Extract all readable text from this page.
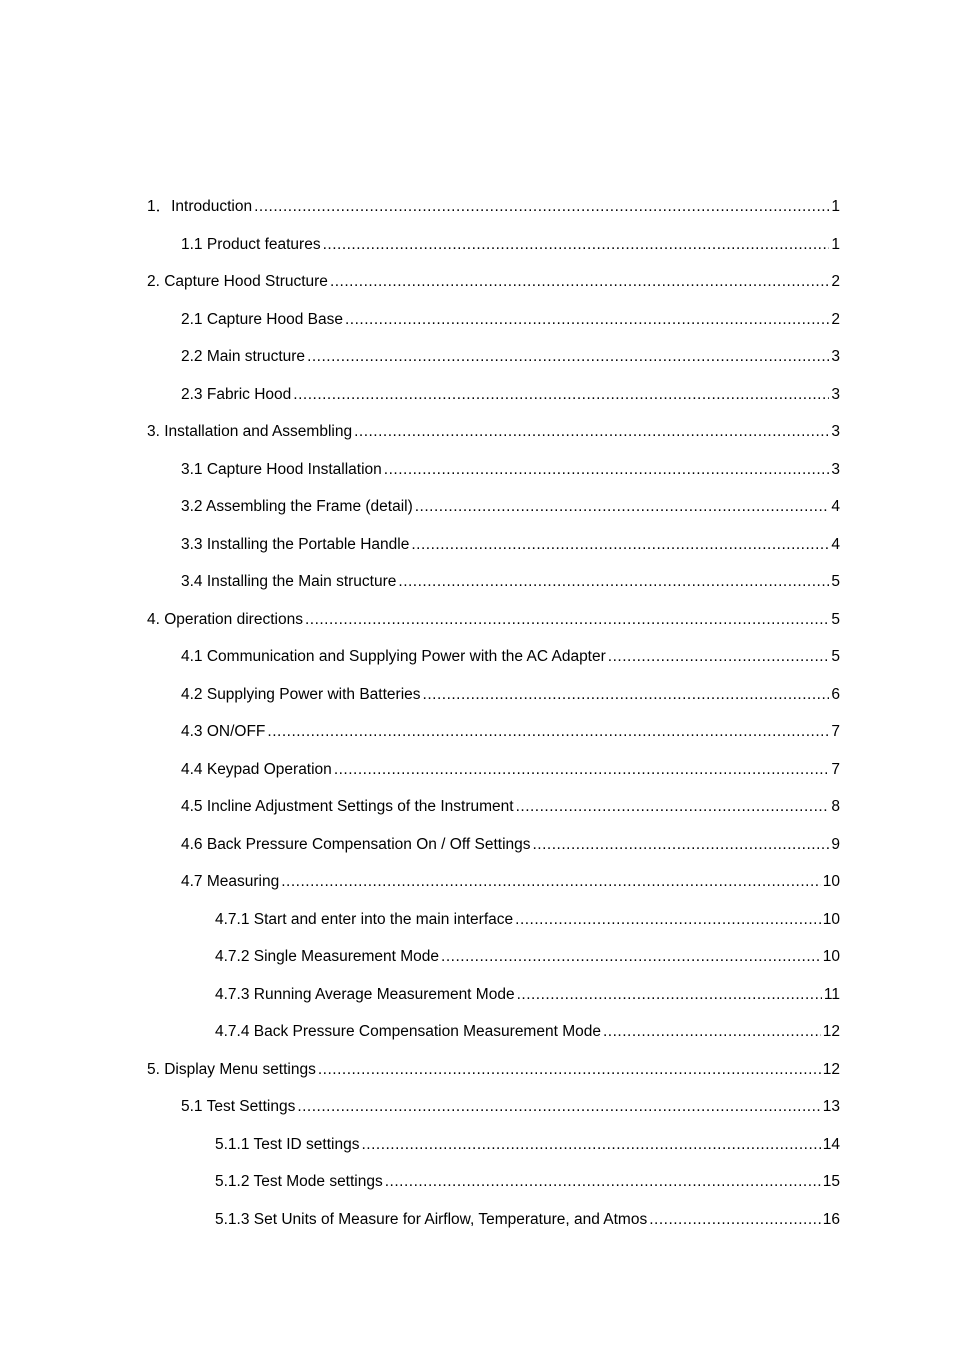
1．Introduction .....	1
1.1 Product features .....	1
2. Capture Hood Structure .....	2
2.1 Capture Hood Base .....	2
2.2 Main structure .....	3
2.3 Fabric Hood .....	3
3. Installation and Assembling .....	3
3.1 Capture Hood Installation .....	3
3.2 Assembling the Frame (detail) .....	4
3.3 Installing the Portable Handle .....	4
3.4 Installing the Main structure .....	5
4. Operation directions .....	5
4.1 Communication and Supplying Power with the AC Adapter .....	5
4.2 Supplying Power with Batteries .....	6
4.3 ON/OFF .....	7
4.4 Keypad Operation .....	7
4.5 Incline Adjustment Settings of the Instrument .....	8
4.6 Back Pressure Compensation On / Off Settings .....	9
4.7 Measuring .....	10
4.7.1 Start and enter into the main interface .....	10
4.7.2 Single Measurement Mode .....	10
4.7.3 Running Average Measurement Mode .....	11
4.7.4 Back Pressure Compensation Measurement Mode .....	12
5. Display Menu settings .....	12
5.1 Test Settings .....	13
5.1.1 Test ID settings .....	14
5.1.2 Test Mode settings .....	15
5.1.3 Set Units of Measure for Airflow, Temperature, and Atmos .....	16
